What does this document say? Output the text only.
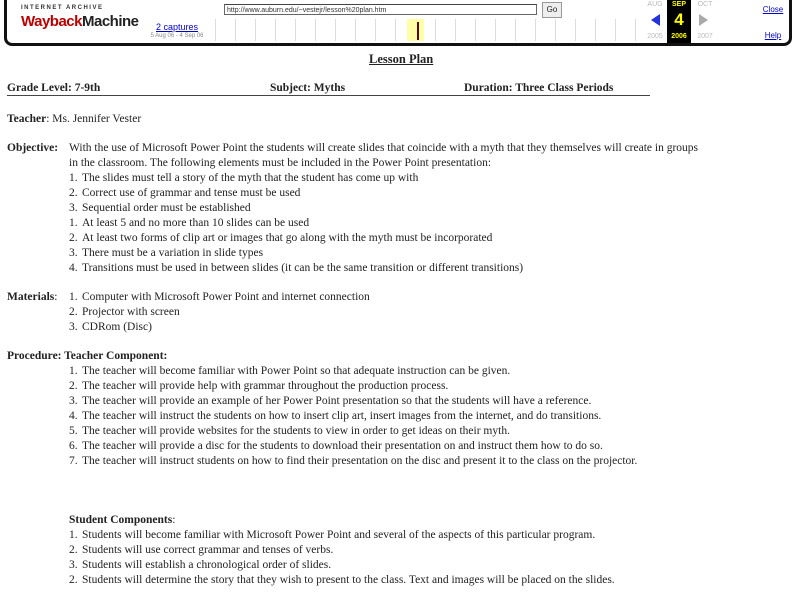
INTERNET ARCHIVE
WaybackMachine
http://www.auburn.edu/~vestejr/lesson%20plan.htm	Go
2 captures
5 Aug 06 - 4 Sep 06
AUG
2005
SEP
4
2006
OCT
2007
Close
Help
Lesson Plan
Grade Level: 7-9th	Subject: Myths	Duration: Three Class Periods
Teacher: Ms. Jennifer Vester
Objective: With the use of Microsoft Power Point the students will create slides that coincide with a myth that they themselves will create in groups in the classroom. The following elements must be included in the Power Point presentation:
1. The slides must tell a story of the myth that the student has come up with
2. Correct use of grammar and tense must be used
3. Sequential order must be established
1. At least 5 and no more than 10 slides can be used
2. At least two forms of clip art or images that go along with the myth must be incorporated
3. There must be a variation in slide types
4. Transitions must be used in between slides (it can be the same transition or different transitions)
Materials: 1. Computer with Microsoft Power Point and internet connection
2. Projector with screen
3. CDRom (Disc)
Procedure: Teacher Component:
1. The teacher will become familiar with Power Point so that adequate instruction can be given.
2. The teacher will provide help with grammar throughout the production process.
3. The teacher will provide an example of her Power Point presentation so that the students will have a reference.
4. The teacher will instruct the students on how to insert clip art, insert images from the internet, and do transitions.
5. The teacher will provide websites for the students to view in order to get ideas on their myth.
6. The teacher will provide a disc for the students to download their presentation on and instruct them how to do so.
7. The teacher will instruct students on how to find their presentation on the disc and present it to the class on the projector.
Student Components:
1. Students will become familiar with Microsoft Power Point and several of the aspects of this particular program.
2. Students will use correct grammar and tenses of verbs.
3. Students will establish a chronological order of slides.
2. Students will determine the story that they wish to present to the class. Text and images will be placed on the slides.
